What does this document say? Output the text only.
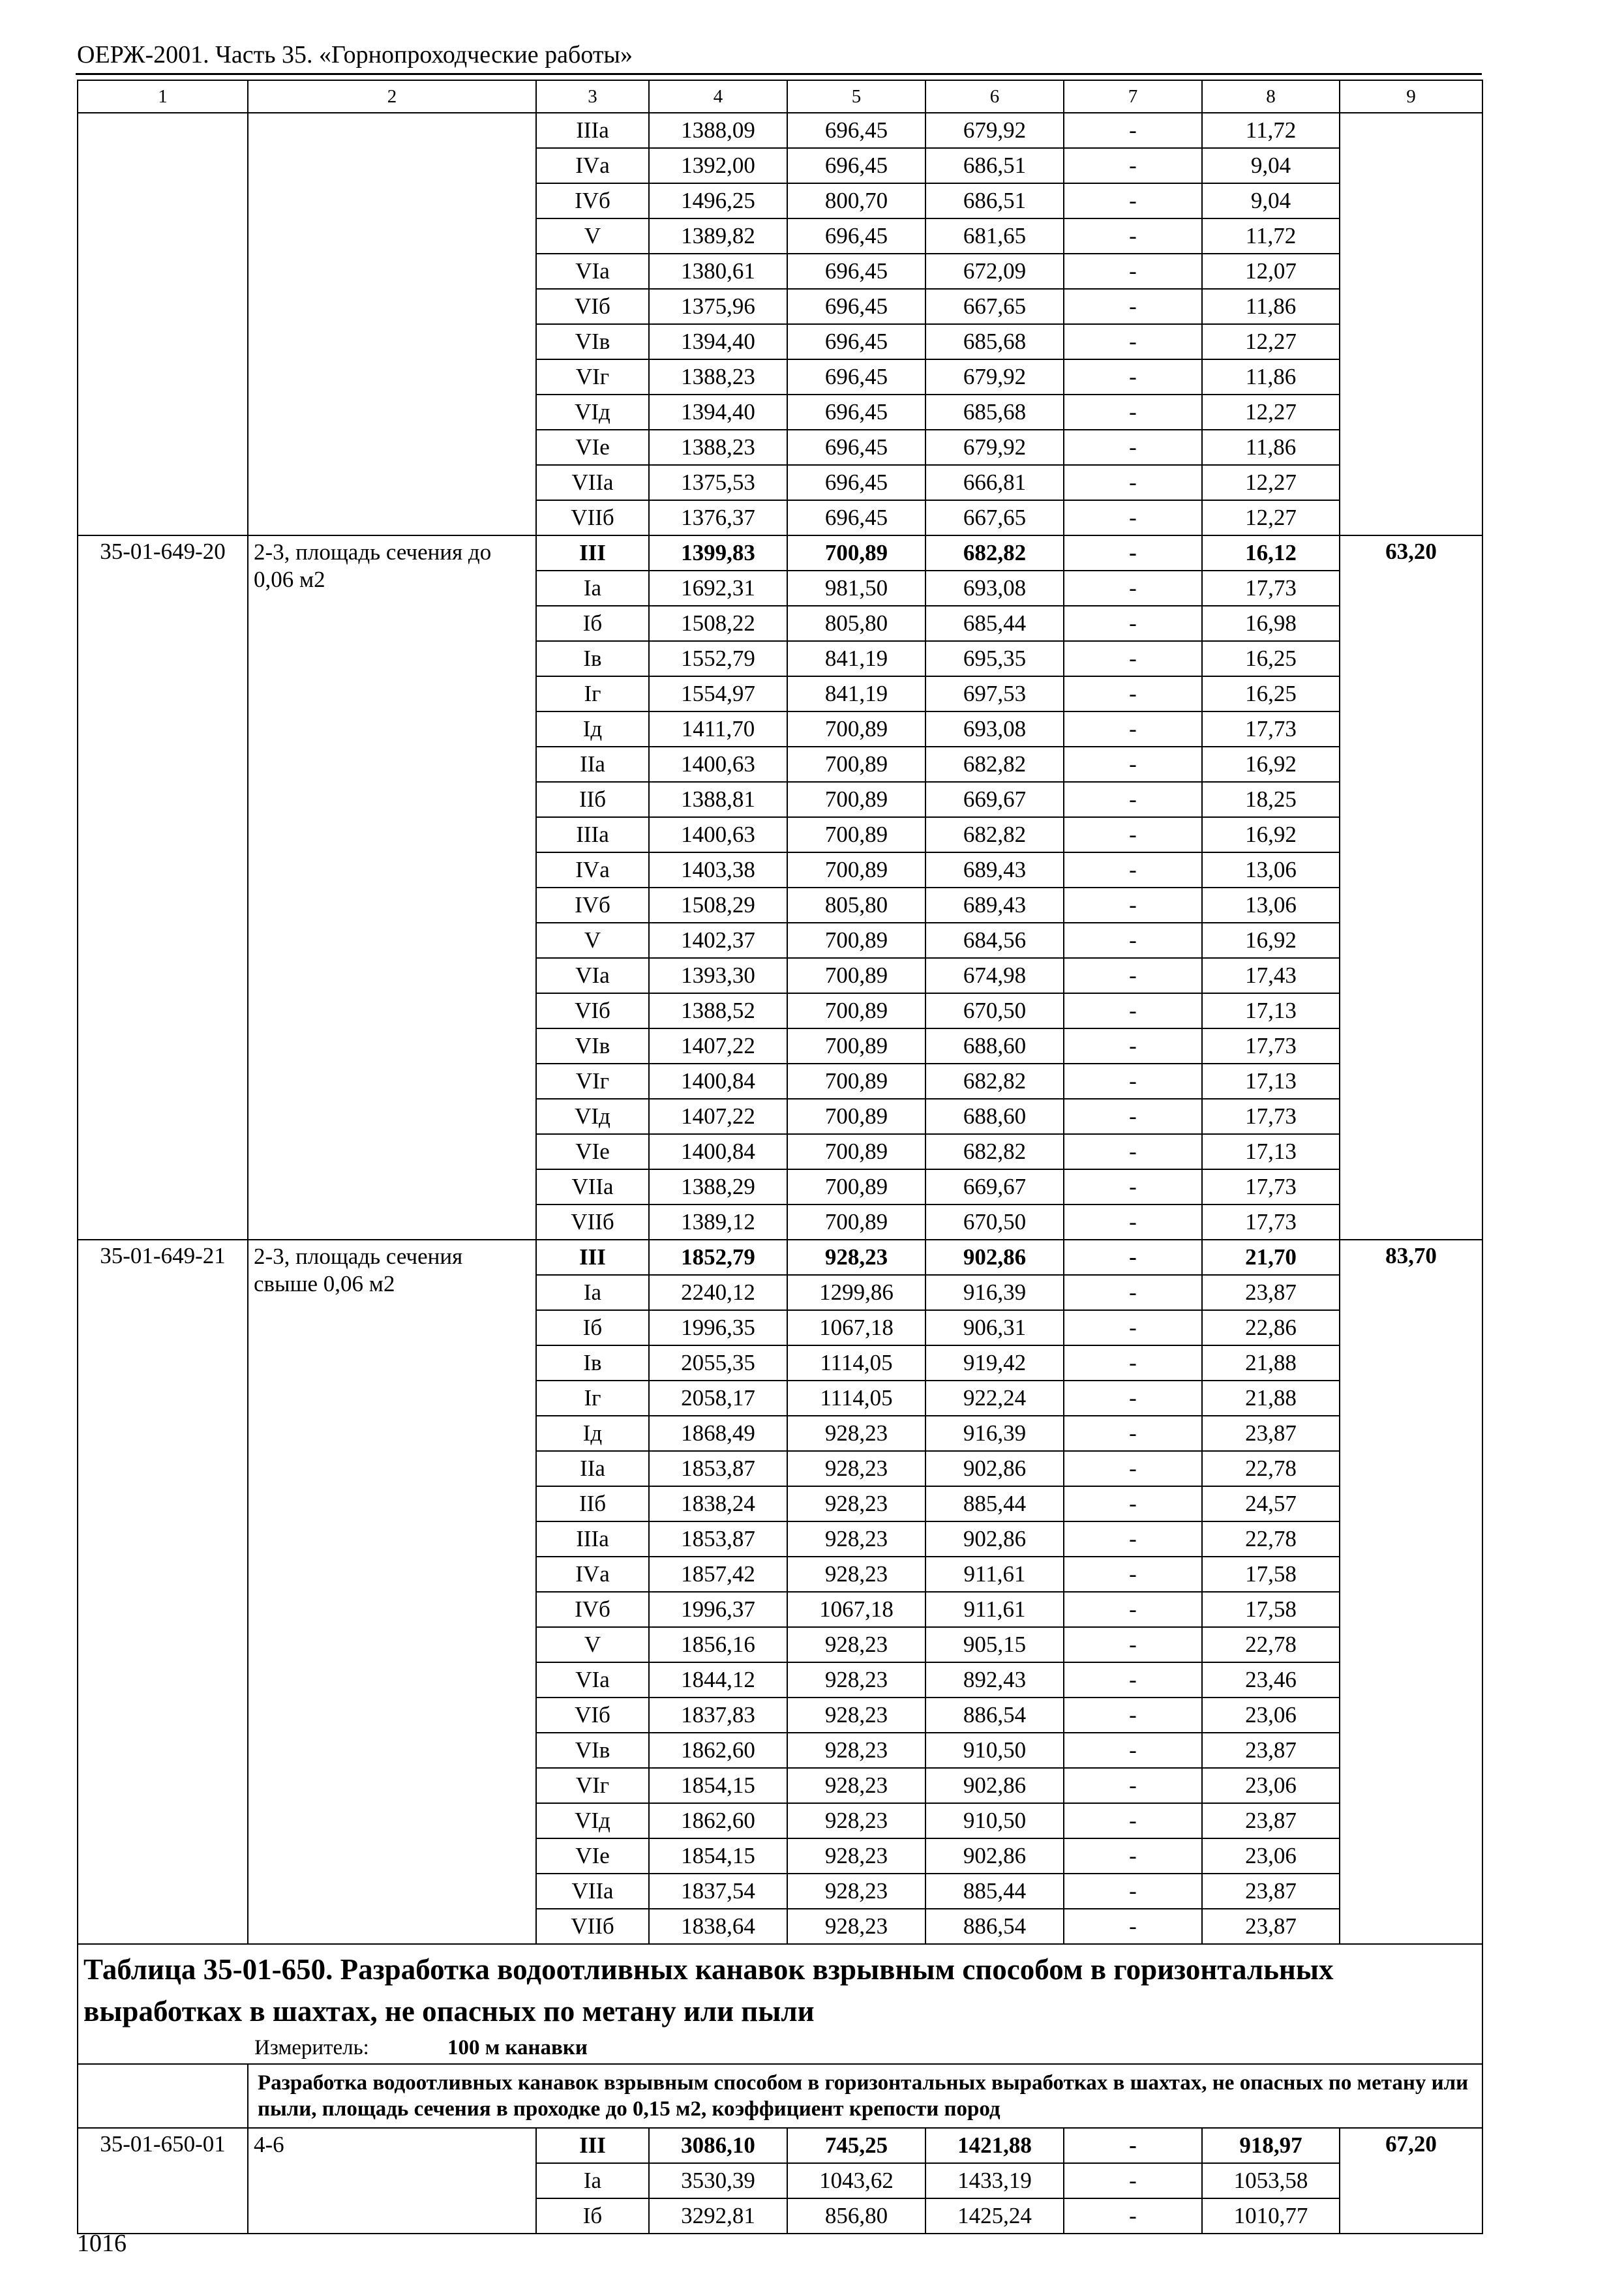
ОЕРЖ-2001. Часть 35. «Горнопроходческие работы»
1	2	3	4	5	6	7	8	9
		IIIа	1388,09	696,45	679,92	-	11,72	
		IVа	1392,00	696,45	686,51	-	9,04	
		IVб	1496,25	800,70	686,51	-	9,04	
		V	1389,82	696,45	681,65	-	11,72	
		VIа	1380,61	696,45	672,09	-	12,07	
		VIб	1375,96	696,45	667,65	-	11,86	
		VIв	1394,40	696,45	685,68	-	12,27	
		VIг	1388,23	696,45	679,92	-	11,86	
		VIд	1394,40	696,45	685,68	-	12,27	
		VIе	1388,23	696,45	679,92	-	11,86	
		VIIа	1375,53	696,45	666,81	-	12,27	
		VIIб	1376,37	696,45	667,65	-	12,27	
35-01-649-20	2-3, площадь сечения до 0,06 м2	III	1399,83	700,89	682,82	-	16,12	63,20
		Iа	1692,31	981,50	693,08	-	17,73	
		Iб	1508,22	805,80	685,44	-	16,98	
		Iв	1552,79	841,19	695,35	-	16,25	
		Iг	1554,97	841,19	697,53	-	16,25	
		Iд	1411,70	700,89	693,08	-	17,73	
		IIа	1400,63	700,89	682,82	-	16,92	
		IIб	1388,81	700,89	669,67	-	18,25	
		IIIа	1400,63	700,89	682,82	-	16,92	
		IVа	1403,38	700,89	689,43	-	13,06	
		IVб	1508,29	805,80	689,43	-	13,06	
		V	1402,37	700,89	684,56	-	16,92	
		VIа	1393,30	700,89	674,98	-	17,43	
		VIб	1388,52	700,89	670,50	-	17,13	
		VIв	1407,22	700,89	688,60	-	17,73	
		VIг	1400,84	700,89	682,82	-	17,13	
		VIд	1407,22	700,89	688,60	-	17,73	
		VIе	1400,84	700,89	682,82	-	17,13	
		VIIа	1388,29	700,89	669,67	-	17,73	
		VIIб	1389,12	700,89	670,50	-	17,73	
35-01-649-21	2-3, площадь сечения свыше 0,06 м2	III	1852,79	928,23	902,86	-	21,70	83,70
		Iа	2240,12	1299,86	916,39	-	23,87	
		Iб	1996,35	1067,18	906,31	-	22,86	
		Iв	2055,35	1114,05	919,42	-	21,88	
		Iг	2058,17	1114,05	922,24	-	21,88	
		Iд	1868,49	928,23	916,39	-	23,87	
		IIа	1853,87	928,23	902,86	-	22,78	
		IIб	1838,24	928,23	885,44	-	24,57	
		IIIа	1853,87	928,23	902,86	-	22,78	
		IVа	1857,42	928,23	911,61	-	17,58	
		IVб	1996,37	1067,18	911,61	-	17,58	
		V	1856,16	928,23	905,15	-	22,78	
		VIа	1844,12	928,23	892,43	-	23,46	
		VIб	1837,83	928,23	886,54	-	23,06	
		VIв	1862,60	928,23	910,50	-	23,87	
		VIг	1854,15	928,23	902,86	-	23,06	
		VIд	1862,60	928,23	910,50	-	23,87	
		VIе	1854,15	928,23	902,86	-	23,06	
		VIIа	1837,54	928,23	885,44	-	23,87	
		VIIб	1838,64	928,23	886,54	-	23,87	

Таблица 35-01-650. Разработка водоотливных канавок взрывным способом в горизонтальных выработках в шахтах, не опасных по метану или пыли
Измеритель: 100 м канавки								

	Разработка водоотливных канавок взрывным способом в горизонтальных выработках в шахтах, не опасных по метану или пыли, площадь сечения в проходке до 0,15 м2, коэффициент крепости пород							
35-01-650-01	4-6	III	3086,10	745,25	1421,88	-	918,97	67,20
		Iа	3530,39	1043,62	1433,19	-	1053,58	
		Iб	3292,81	856,80	1425,24	-	1010,77	
1016
